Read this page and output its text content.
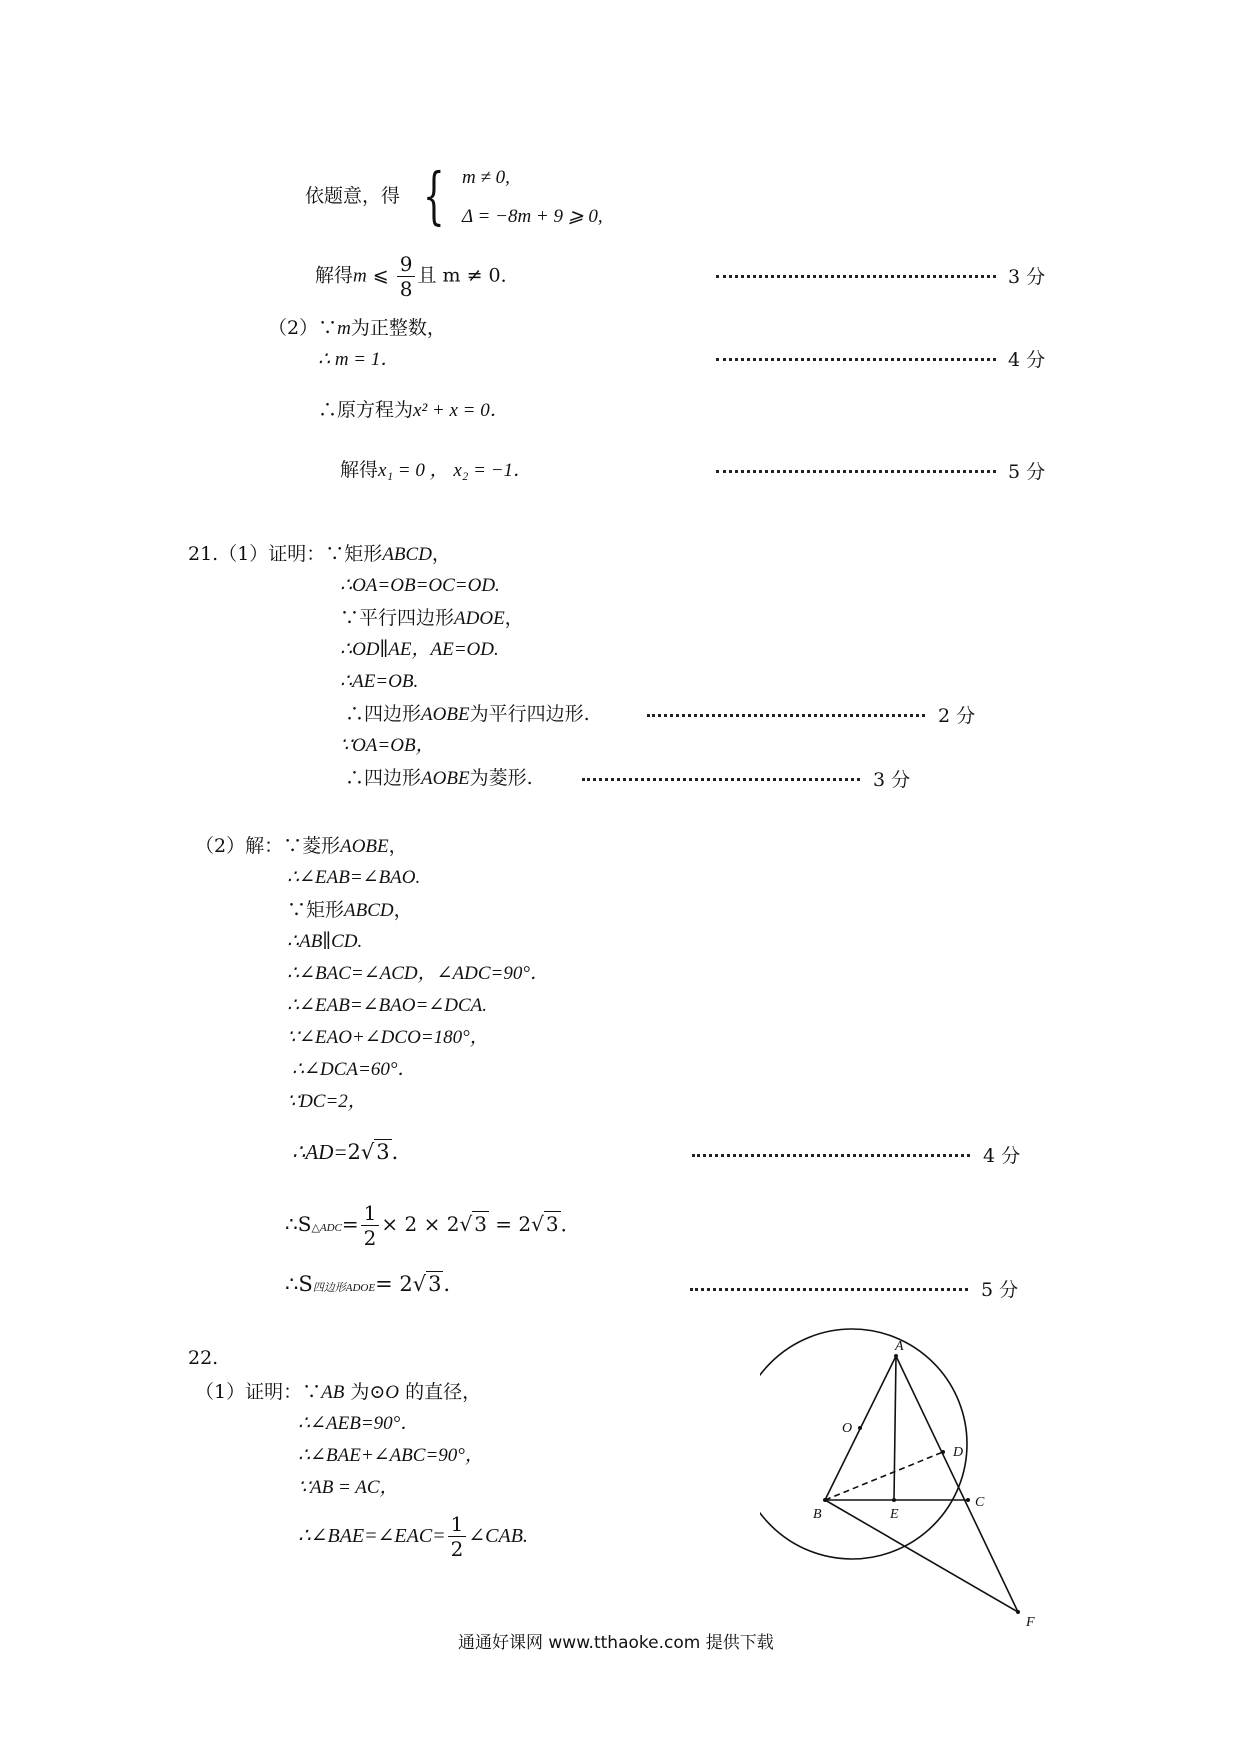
依题意，得 { m ≠ 0,
Δ = −8m + 9 ⩾ 0,
解得m ⩽ $\frac{9}{8}$ 且 m ≠ 0．	3 分
（2）∵m为正整数，
∴ m = 1．	4 分
∴原方程为x² + x = 0．
解得x₁ = 0 ， x₂ = −1．	5 分
21.（1）证明：∵矩形ABCD，
∴OA=OB=OC=OD.
∵平行四边形ADOE，
∴OD∥AE，AE=OD.
∴AE=OB.
∴四边形AOBE为平行四边形.	2 分
∵OA=OB，
∴四边形AOBE为菱形.	3 分
（2）解：∵菱形AOBE，
∴∠EAB=∠BAO.
∵矩形ABCD，
∴AB∥CD.
∴∠BAC=∠ACD，∠ADC=90°．
∴∠EAB=∠BAO=∠DCA.
∵∠EAO+∠DCO=180°，
∴∠DCA=60°．
∵DC=2，
∴AD=2√3．	4 分
∴S△ADC= $\frac{1}{2} \times 2 \times 2√$ 3 = 2√ 3 ．
∴S四边形ADOE= 2√3．	5 分
22.
（1）证明：∵AB 为⊙O 的直径，
∴∠AEB=90°．
∴∠BAE+∠ABC=90°，
∵AB = AC，
∴∠BAE=∠EAC= $\frac{1}{2}$ ∠CAB.
A
O
D
B	E
C
F
通通好课网 www.tthaoke.com 提供下载
